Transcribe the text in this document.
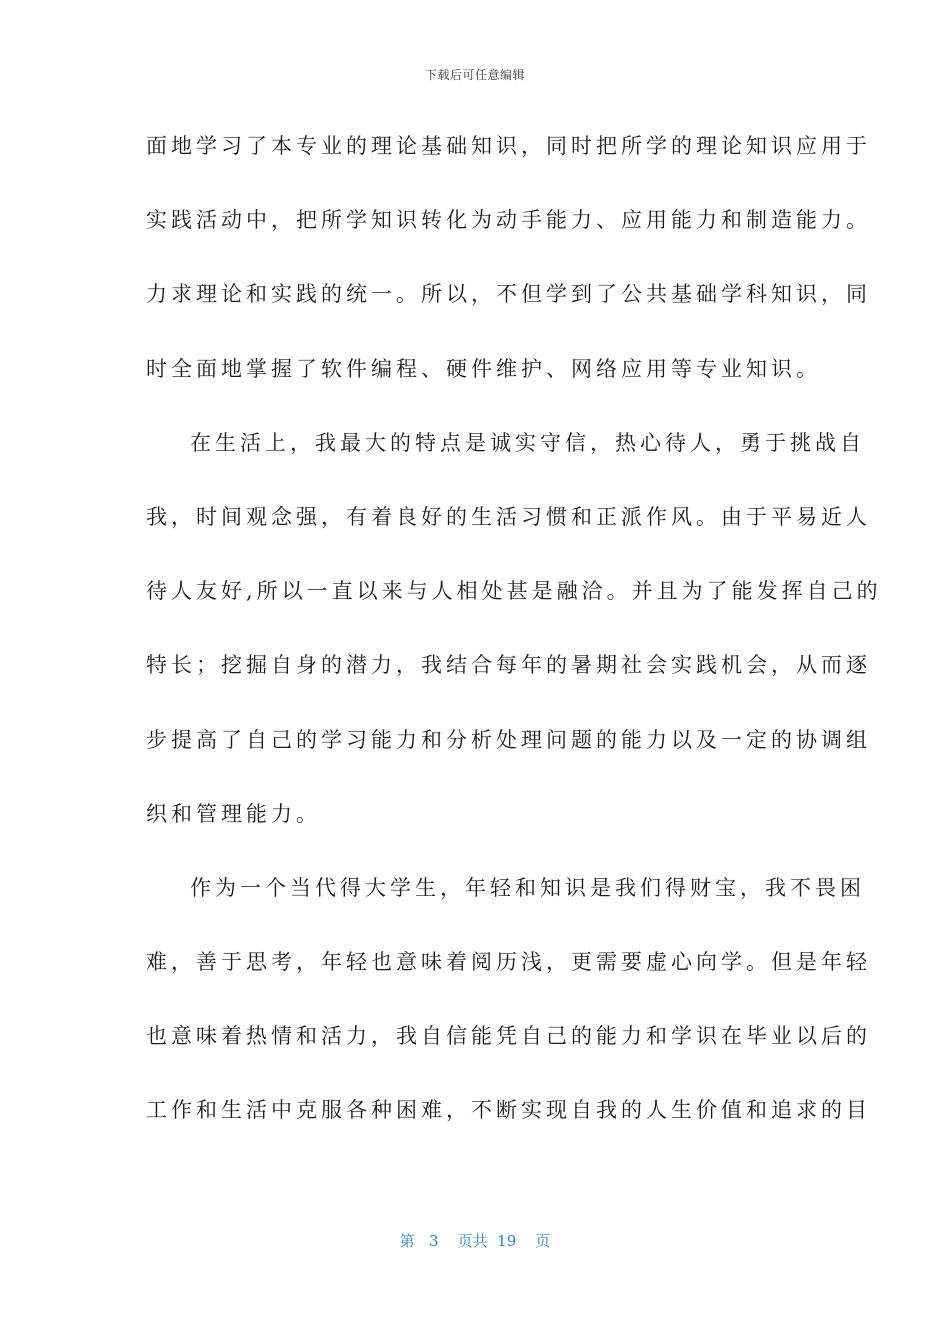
下载后可任意编辑
面地学习了本专业的理论基础知识，同时把所学的理论知识应用于
实践活动中，把所学知识转化为动手能力、应用能力和制造能力。
力求理论和实践的统一。所以，不但学到了公共基础学科知识，同
时全面地掌握了软件编程、硬件维护、网络应用等专业知识。
在生活上，我最大的特点是诚实守信，热心待人，勇于挑战自
我，时间观念强，有着良好的生活习惯和正派作风。由于平易近人
待人友好,所以一直以来与人相处甚是融洽。并且为了能发挥自己的
特长；挖掘自身的潜力，我结合每年的暑期社会实践机会，从而逐
步提高了自己的学习能力和分析处理问题的能力以及一定的协调组
织和管理能力。
作为一个当代得大学生，年轻和知识是我们得财宝，我不畏困
难，善于思考，年轻也意味着阅历浅，更需要虚心向学。但是年轻
也意味着热情和活力，我自信能凭自己的能力和学识在毕业以后的
工作和生活中克服各种困难，不断实现自我的人生价值和追求的目
第 3 页共 19 页
